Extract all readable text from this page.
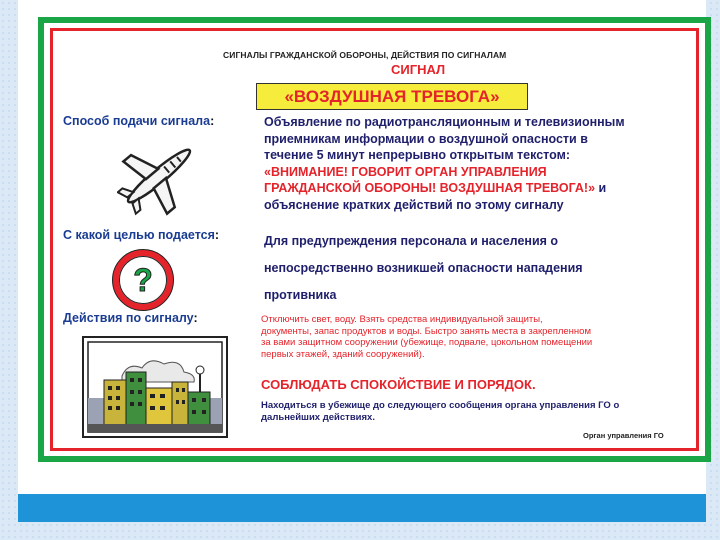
СИГНАЛЫ ГРАЖДАНСКОЙ ОБОРОНЫ, ДЕЙСТВИЯ ПО СИГНАЛАМ
СИГНАЛ
«ВОЗДУШНАЯ ТРЕВОГА»
Способ подачи сигнала:	Объявление по радиотрансляционным и телевизионным
приемникам информации о воздушной опасности в
течение 5 минут непрерывно открытым текстом:
«ВНИМАНИЕ! ГОВОРИТ ОРГАН УПРАВЛЕНИЯ
ГРАЖДАНСКОЙ ОБОРОНЫ! ВОЗДУШНАЯ ТРЕВОГА!» и
объяснение кратких действий по этому сигналу
С какой целью подается:	Для предупреждения персонала и населения о
непосредственно возникшей опасности нападения
противника
?
Действия по сигналу:	Отключить свет, воду. Взять средства индивидуальной защиты,
документы, запас продуктов и воды. Быстро занять места в закрепленном
за вами защитном сооружении (убежище, подвале, цокольном помещении
первых этажей, зданий сооружений).
СОБЛЮДАТЬ СПОКОЙСТВИЕ И ПОРЯДОК.
Находиться в убежище до следующего сообщения органа управления ГО о
дальнейших действиях.
Орган управления ГО
